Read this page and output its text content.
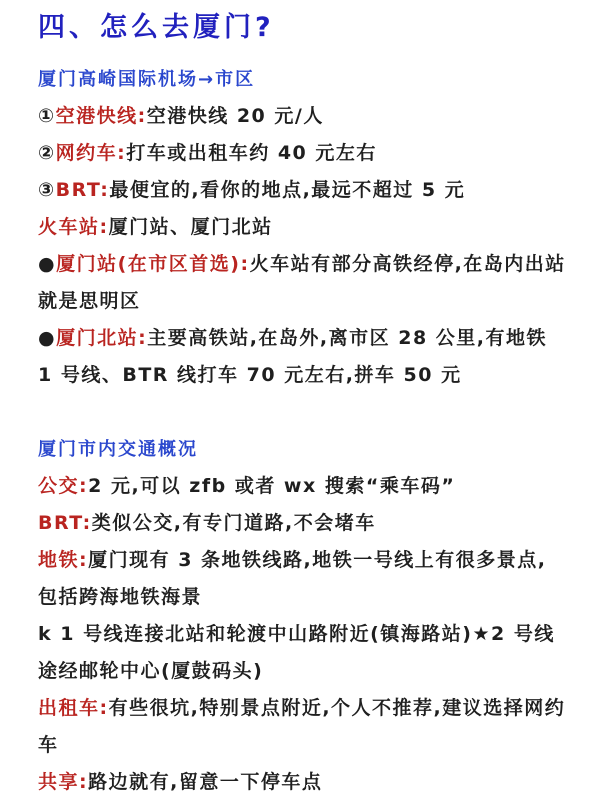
四、怎么去厦门?
厦门高崎国际机场→市区

①空港快线:空港快线 20 元/人

②网约车:打车或出租车约 40 元左右

③BRT:最便宜的,看你的地点,最远不超过 5 元

火车站:厦门站、厦门北站

●厦门站(在市区首选):火车站有部分高铁经停,在岛内出站就是思明区

●厦门北站:主要高铁站,在岛外,离市区 28 公里,有地铁 1 号线、BTR 线打车 70 元左右,拼车 50 元

厦门市内交通概况

公交:2 元,可以 zfb 或者 wx 搜索“乘车码”

BRT:类似公交,有专门道路,不会堵车

地铁:厦门现有 3 条地铁线路,地铁一号线上有很多景点,包括跨海地铁海景

k 1 号线连接北站和轮渡中山路附近(镇海路站)★2 号线途经邮轮中心(厦鼓码头)

出租车:有些很坑,特别景点附近,个人不推荐,建议选择网约车

共享:路边就有,留意一下停车点
